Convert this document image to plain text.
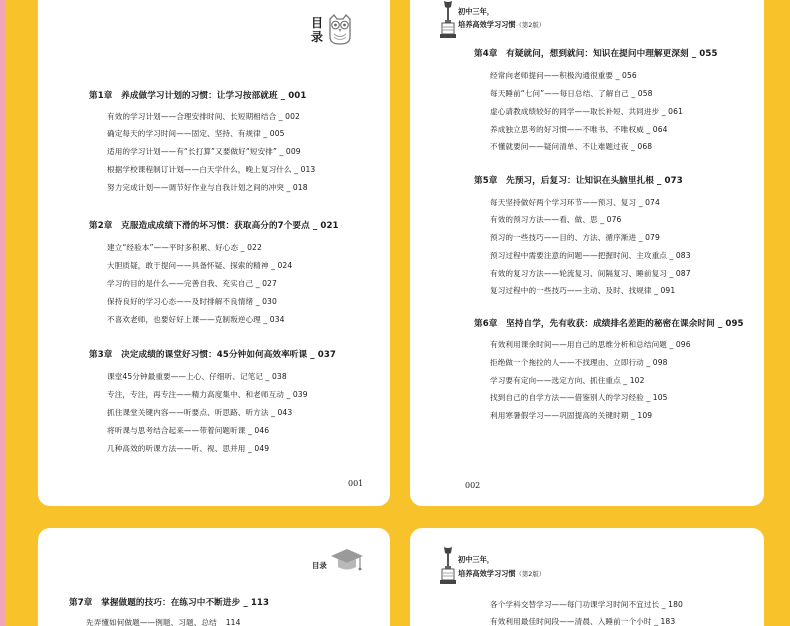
目
录
第1章　养成做学习计划的习惯：让学习按部就班 _ 001
有效的学习计划——合理安排时间、长短期相结合 _ 002
确定每天的学习时间——固定、坚持、有规律 _ 005
适用的学习计划——有“长打算”又要做好“短安排” _ 009
根据学校课程制订计划——白天学什么，晚上复习什么 _ 013
努力完成计划——调节好作业与自我计划之间的冲突 _ 018
第2章　克服造成成绩下滑的坏习惯：获取高分的7个要点 _ 021
建立“经验本”——平时多积累、好心态 _ 022
大胆质疑，敢于提问——具备怀疑、探索的精神 _ 024
学习的目的是什么——完善自我、充实自己 _ 027
保持良好的学习心态——及时排解不良情绪 _ 030
不喜欢老师，也要好好上课——克制叛逆心理 _ 034
第3章　决定成绩的课堂好习惯：45分钟如何高效率听课 _ 037
课堂45分钟最重要——上心、仔细听、记笔记 _ 038
专注，专注，再专注——精力高度集中、和老师互动 _ 039
抓住课堂关键内容——听要点、听思路、听方法 _ 043
将听课与思考结合起来——带着问题听课 _ 046
几种高效的听课方法——听、视、思并用 _ 049
001
初中三年，
培养高效学习习惯（第2版）
第4章　有疑就问，想到就问：知识在提问中理解更深刻 _ 055
经常向老师提问——积极沟通很重要 _ 056
每天睡前“七问”——每日总结、了解自己 _ 058
虚心请教成绩较好的同学——取长补短、共同进步 _ 061
养成独立思考的好习惯——不唯书、不唯权威 _ 064
不懂就要问——疑问清单、不让难题过夜 _ 068
第5章　先预习，后复习：让知识在头脑里扎根 _ 073
每天坚持做好两个学习环节——预习、复习 _ 074
有效的预习方法——看、做、思 _ 076
预习的一些技巧——目的、方法、循序渐进 _ 079
预习过程中需要注意的问题——把握时间、主攻重点 _ 083
有效的复习方法——轮流复习、间隔复习、睡前复习 _ 087
复习过程中的一些技巧——主动、及时、找规律 _ 091
第6章　坚持自学，先有收获：成绩排名差距的秘密在课余时间 _ 095
有效利用课余时间——用自己的思维分析和总结问题 _ 096
拒绝做一个拖拉的人——不找理由、立即行动 _ 098
学习要有定向——选定方向、抓住重点 _ 102
找到自己的自学方法——借鉴别人的学习经验 _ 105
利用寒暑假学习——巩固提高的关键时期 _ 109
002
目录
第7章　掌握做题的技巧：在练习中不断进步 _ 113
先弄懂如何做题——例题、习题、总结 _ 114
初中三年，
培养高效学习习惯（第2版）
各个学科交替学习——每门功课学习时间不宜过长 _ 180
有效利用最佳时间段——清晨、入睡前一个小时 _ 183
